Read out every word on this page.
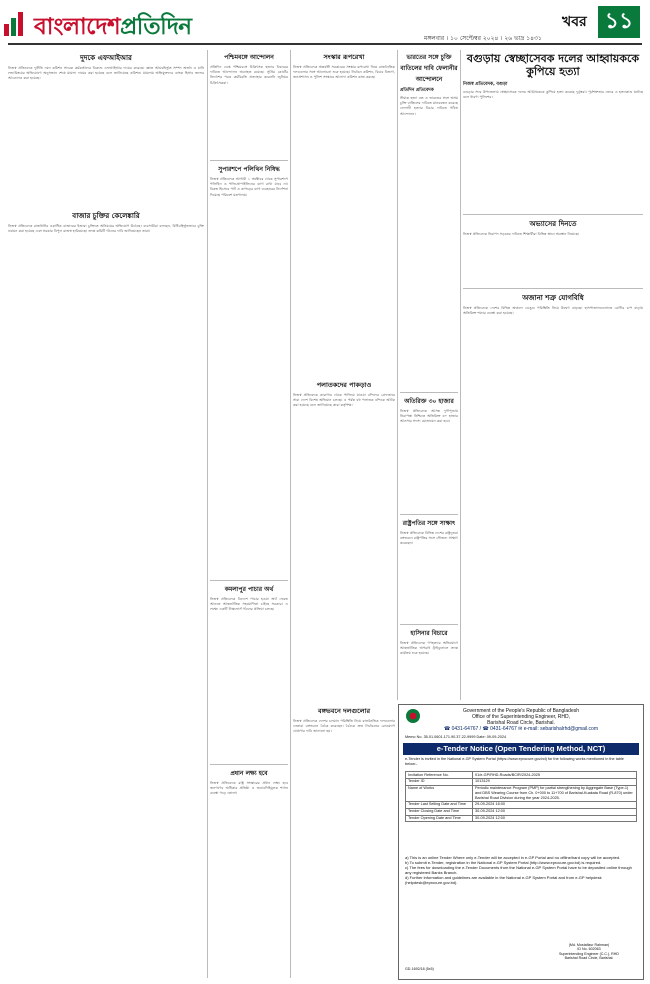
বাংলাদেশপ্রতিদিন	মঙ্গলবার । ১০ সেপ্টেম্বর ২০২৪ । ২৬ ভাদ্র ১৪৩১
খবর ১১
দুদকে এফআইআর
নিজস্ব প্রতিবেদক দুর্নীতি দমন কমিশন সাবেক কর্মকর্তাদের বিরুদ্ধে এফআইআর দায়ের করেছে। জ্ঞাত আয়বহির্ভূত সম্পদ অর্জন ও মানি লন্ডারিংয়ের অভিযোগে অনুসন্ধান শেষে মামলা দায়ের করা হয়েছে বলে জানিয়েছে কমিশন। মামলায় অভিযুক্তদের ব্যাংক হিসাব জব্দের আবেদনও করা হয়েছে।
বাজার চুক্তির কেলেঙ্কারি
নিজস্ব প্রতিবেদক রাজধানীর একাধিক বাজারের ইজারা চুক্তিতে অনিয়মের অভিযোগ উঠেছে। ব্যবসায়ীরা বলছেন, বিধিবহির্ভূতভাবে চুক্তি নবায়ন করা হয়েছে এবং সরকার বিপুল রাজস্ব হারিয়েছে। তদন্ত কমিটি গঠনের দাবি জানিয়েছেন তারা।
পশ্চিমবঙ্গে আন্দোলন
প্রতিদিন ডেস্ক পশ্চিমবঙ্গে চিকিৎসক হত্যার বিচারের দাবিতে আন্দোলন অব্যাহত রয়েছে। সুপ্রিম কোর্টের নির্দেশের পরও কর্মবিরতি প্রত্যাহার করেননি জুনিয়র চিকিৎসকরা।
সুপারশপে পলিথিন নিষিদ্ধ
নিজস্ব প্রতিবেদক আগামী ১ অক্টোবর থেকে সুপারশপে পলিথিন ও পলিপ্রোপাইলিনের ব্যাগ রাখা যাবে না। বিকল্প হিসেবে পাট ও কাপড়ের ব্যাগ ব্যবহারের নির্দেশনা দিয়েছে পরিবেশ মন্ত্রণালয়।
কমলাপুর পাচার অর্থ
নিজস্ব প্রতিবেদক বিদেশে পাচার হওয়া অর্থ ফেরত আনতে আন্তর্জাতিক সহযোগিতা চাইছে সরকার। এ লক্ষ্যে একটি টাস্কফোর্স গঠনের প্রক্রিয়া চলছে।
প্রধান লক্ষ্য হবে
নিজস্ব প্রতিবেদক রাষ্ট্র সংস্কারের প্রধান লক্ষ্য হবে জনগণের অধিকার প্রতিষ্ঠা ও জবাবদিহিমূলক শাসন ব্যবস্থা গড়ে তোলা।
সংস্কার রূপরেখা
নিজস্ব প্রতিবেদক অন্তর্বর্তী সরকারের সংস্কার রূপরেখা নিয়ে রাজনৈতিক দলগুলোর সঙ্গে আলোচনা শুরু হয়েছে। নির্বাচন কমিশন, বিচার বিভাগ, জনপ্রশাসন ও পুলিশ সংস্কারে আলাদা কমিশন কাজ করছে।
পলাতকদের পাকড়াও
নিজস্ব প্রতিবেদক কারাগার থেকে পালিয়ে যাওয়া বন্দিদের গ্রেফতারে সারা দেশে বিশেষ অভিযান চলছে। এ পর্যন্ত বহু পলাতক বন্দিকে আটক করা হয়েছে বলে জানিয়েছে কারা কর্তৃপক্ষ।
বঙ্গভবনে দলগুলোর
নিজস্ব প্রতিবেদক দেশের চলমান পরিস্থিতি নিয়ে রাজনৈতিক দলগুলোর নেতারা বঙ্গভবনে বৈঠক করেছেন। বৈঠকে দ্রুত নির্বাচনের রোডম্যাপ ঘোষণার দাবি জানানো হয়।
ভারতের সঙ্গে চুক্তি বাতিলের দাবি ফেলানীর আন্দোলনে
প্রতিদিন প্রতিবেদক
সীমান্ত হত্যা বন্ধ ও ভারতের সঙ্গে অসম চুক্তি বাতিলের দাবিতে মানববন্ধন করেছে ফেলানী হত্যার বিচার দাবিতে গঠিত আন্দোলন।
অতিরিক্ত ৩০ হাজার
নিজস্ব প্রতিবেদক আসন্ন দুর্গাপূজায় নিরাপত্তা নিশ্চিতে অতিরিক্ত ৩০ হাজার আনসার সদস্য মোতায়েন করা হবে।
রাষ্ট্রপতির সঙ্গে সাক্ষাৎ
নিজস্ব প্রতিবেদক বিভিন্ন দেশের রাষ্ট্রদূতরা বঙ্গভবনে রাষ্ট্রপতির সঙ্গে সৌজন্য সাক্ষাৎ করেছেন।
হাসিনার বিচারে
নিজস্ব প্রতিবেদক গণহত্যার অভিযোগে আন্তর্জাতিক অপরাধ ট্রাইব্যুনালে তদন্ত কার্যক্রম শুরু হয়েছে।
বগুড়ায় স্বেচ্ছাসেবক দলের আহ্বায়ককে কুপিয়ে হত্যা
নিজস্ব প্রতিবেদক, বগুড়া
বগুড়ার সদর উপজেলায় স্বেচ্ছাসেবক দলের আহ্বায়ককে কুপিয়ে হত্যা করেছে দুর্বৃত্তরা। পূর্বশত্রুতার জেরে এ হত্যাকাণ্ড ঘটেছে বলে ধারণা পুলিশের।
অভ্যাসের দিনতে
নিজস্ব প্রতিবেদক নিরাপদ সড়কের দাবিতে শিক্ষার্থীরা বিভিন্ন স্থানে অবস্থান নিয়েছে।
অজানা শত্রু যোগবিধি
নিজস্ব প্রতিবেদক দেশের বিভিন্ন অঞ্চলে ডেঙ্গু পরিস্থিতি নিয়ে উদ্বেগ বাড়ছে। হাসপাতালগুলোতে রোগীর চাপ বাড়ায় অতিরিক্ত শয্যার ব্যবস্থা করা হয়েছে।
Government of the People's Republic of Bangladesh
Office of the Superintending Engineer, RHD,
Barishal Road Circle, Barishal.
☎ 0431-64767 / ☎ 0431-64767 ✉ e-mail: sebarishalrhd@gmail.com
Memo No. 35.01.0601.171.90.37.22-9999 Date: 09-09-2024
e-Tender Notice (Open Tendering Method, NCT)
e-Tender is invited in the National e-GP System Portal (https://www.eprocure.gov.bd) for the following works mentioned in the table below:-
Invitation Reference No.	01/e-GP/RHD-Roads/BCIR/2024-2025
Tender ID	1013129
Name of Works	Periodic maintenance Program (PMP) for partial strengthening by Aggregate Base (Type-1) and DBS Wearing Course from Ch. 0+000 to 11+700 of Barishal-Kuakata Road (R-870) under Barishal Road Division during the year 2024-2025.
Tender Last Selling Date and Time	29-09-2024 16:00
Tender Closing Date and Time	30-09-2024 12:00
Tender Opening Date and Time	30-09-2024 12:00
a) This is an online Tender Where only e-Tender will be accepted in e-GP Portal and no offline/hard copy will be accepted.
b) To submit e-Tender, registration in the National e-GP System Portal (http://www.eprocure.gov.bd) is required.
c) The fees for downloading the e-Tender Documents from the National e-GP System Portal have to be deposited online through any registered Banks Branch.
d) Further information and guidelines are available in the National e-GP System Portal and from e-GP helpdesk (helpdesk@eprocure.gov.bd).
(Md. Mostafizur Rahman)
ID No. 602063
Superintending Engineer (C.C.), RHD
Barishal Road Circle, Barishal.
GD-1692/18 (5x5)
